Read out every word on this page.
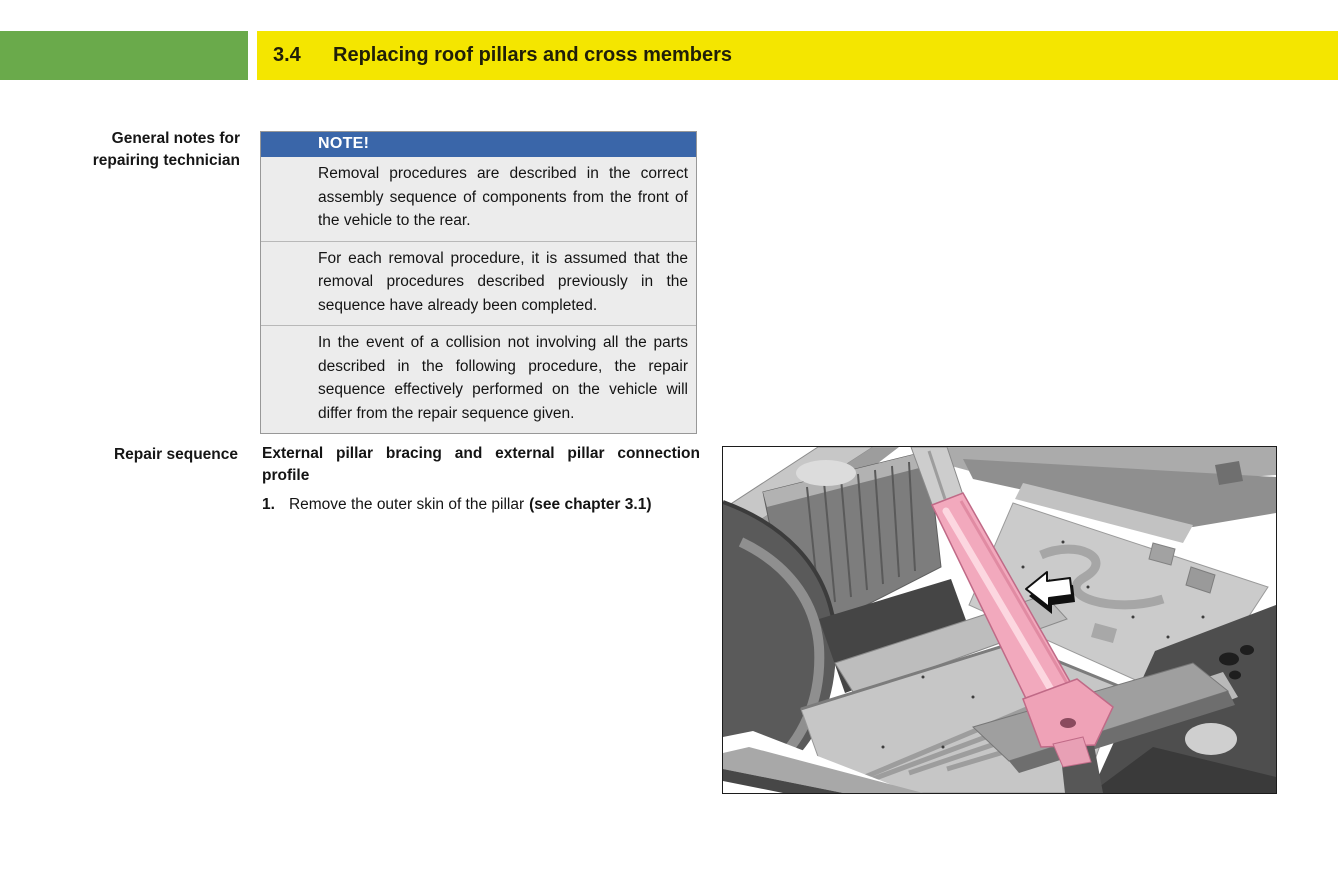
3.4	Replacing roof pillars and cross members
General notes for repairing technician
Repair sequence
NOTE!
Removal procedures are described in the correct assembly sequence of components from the front of the vehicle to the rear.
For each removal procedure, it is assumed that the removal procedures described previously in the sequence have already been completed.
In the event of a collision not involving all the parts described in the following procedure, the repair sequence effectively performed on the vehicle will differ from the repair sequence given.
External pillar bracing and external pillar connection profile
1. Remove the outer skin of the pillar (see chapter 3.1)
